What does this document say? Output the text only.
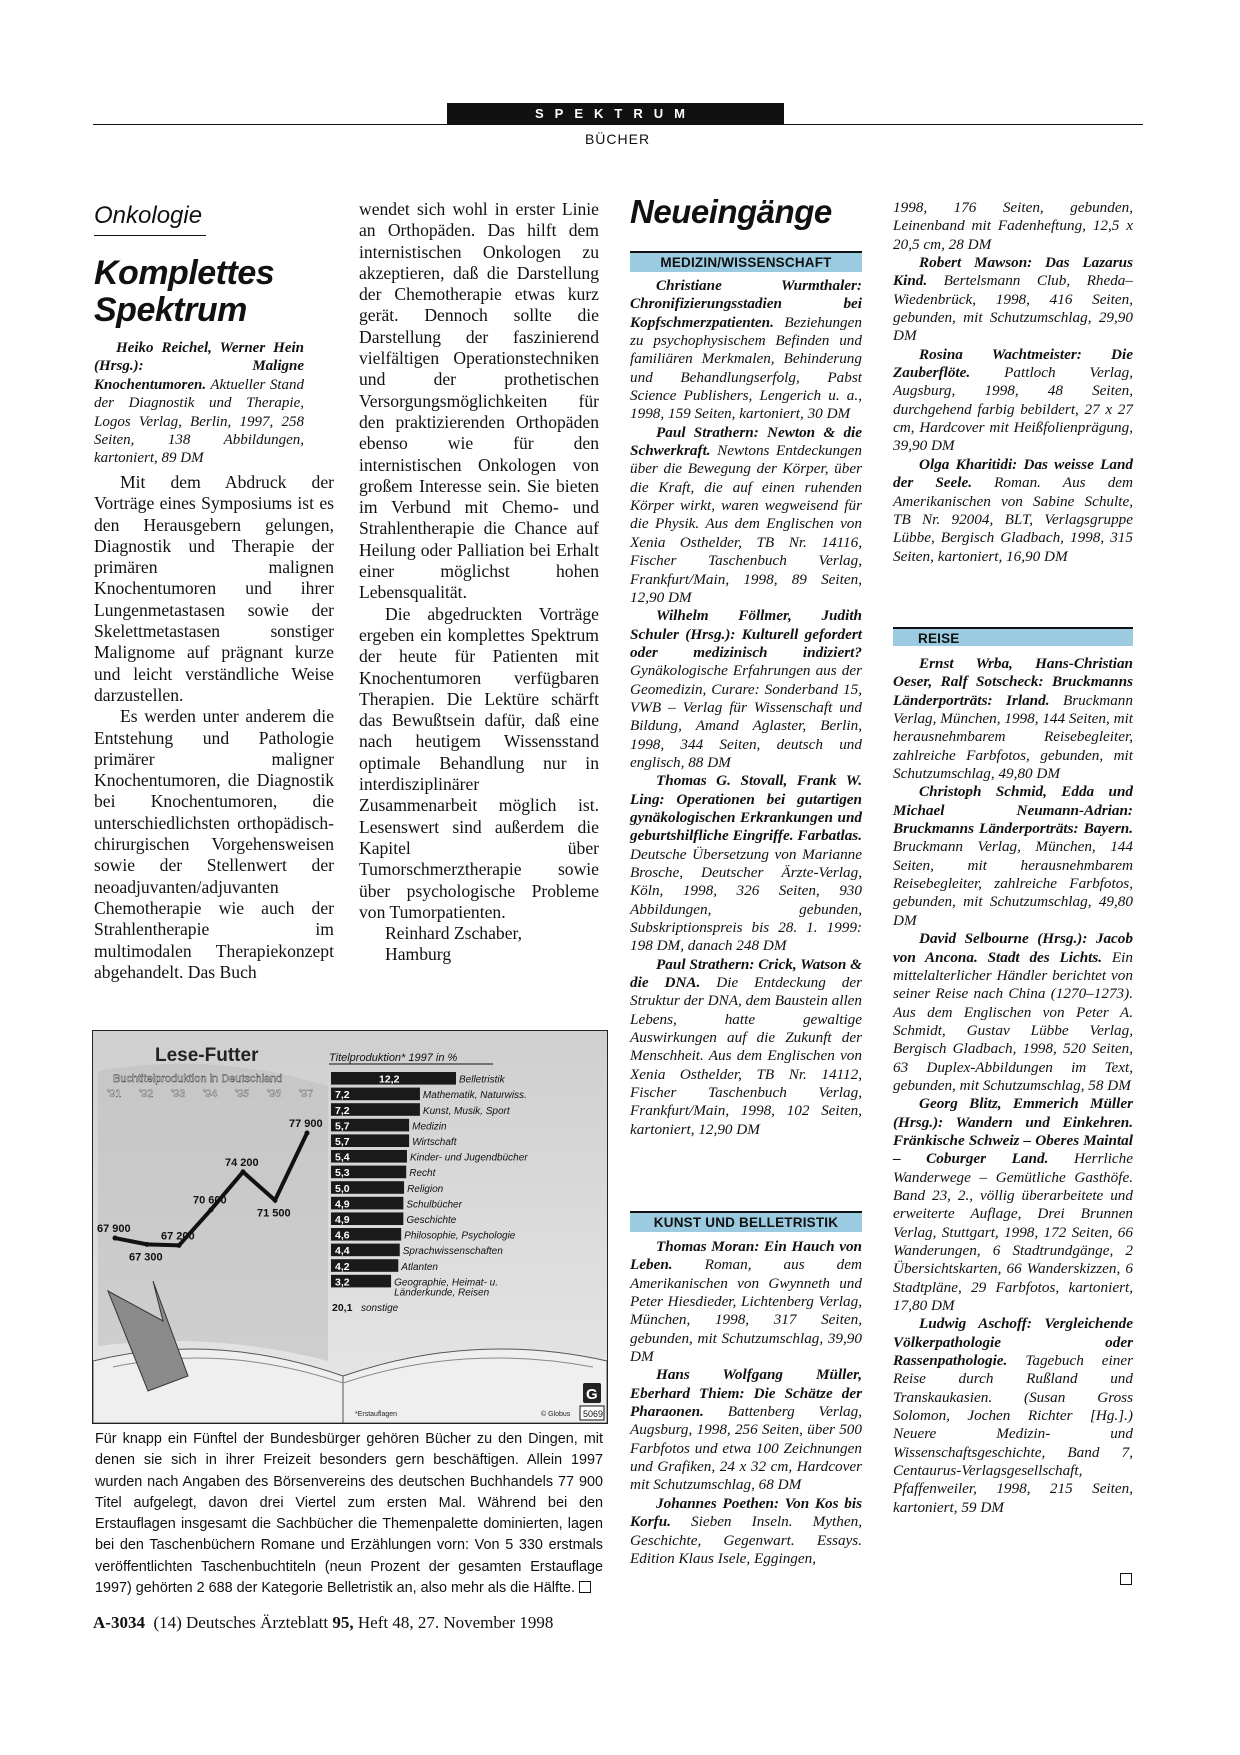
SPEKTRUM
BÜCHER
Onkologie
Komplettes
Spektrum
Heiko Reichel, Werner Hein (Hrsg.): Maligne Knochentumoren. Aktueller Stand der Diagnostik und Therapie, Logos Verlag, Berlin, 1997, 258 Seiten, 138 Abbildungen, kartoniert, 89 DM

Mit dem Abdruck der Vorträge eines Symposiums ist es den Herausgebern gelungen, Diagnostik und Therapie der primären malignen Knochentumoren und ihrer Lungenmetastasen sowie der Skelettmetastasen sonstiger Malignome auf prägnant kurze und leicht verständliche Weise darzustellen.

Es werden unter anderem die Entstehung und Pathologie primärer maligner Knochentumoren, die Diagnostik bei Knochentumoren, die unterschiedlichsten orthopädisch-chirurgischen Vorgehensweisen sowie der Stellenwert der neoadjuvanten/adjuvanten Chemotherapie wie auch der Strahlentherapie im multimodalen Therapiekonzept abgehandelt. Das Buch

wendet sich wohl in erster Linie an Orthopäden. Das hilft dem internistischen Onkologen zu akzeptieren, daß die Darstellung der Chemotherapie etwas kurz gerät. Dennoch sollte die Darstellung der faszinierend vielfältigen Operationstechniken und der prothetischen Versorgungsmöglichkeiten für den praktizierenden Orthopäden ebenso wie für den internistischen Onkologen von großem Interesse sein. Sie bieten im Verbund mit Chemo- und Strahlentherapie die Chance auf Heilung oder Palliation bei Erhalt einer möglichst hohen Lebensqualität.

Die abgedruckten Vorträge ergeben ein komplettes Spektrum der heute für Patienten mit Knochentumoren verfügbaren Therapien. Die Lektüre schärft das Bewußtsein dafür, daß eine nach heutigem Wissensstand optimale Behandlung nur in interdisziplinärer Zusammenarbeit möglich ist. Lesenswert sind außerdem die Kapitel über Tumorschmerztherapie sowie über psychologische Probleme von Tumorpatienten.

Reinhard Zschaber,

Hamburg

Neueingänge
MEDIZIN/WISSENSCHAFT

Christiane Wurmthaler: Chronifizierungsstadien bei Kopfschmerzpatienten. Beziehungen zu psychophysischem Befinden und familiären Merkmalen, Behinderung und Behandlungserfolg, Pabst Science Publishers, Lengerich u. a., 1998, 159 Seiten, kartoniert, 30 DM

Paul Strathern: Newton & die Schwerkraft. Newtons Entdeckungen über die Bewegung der Körper, über die Kraft, die auf einen ruhenden Körper wirkt, waren wegweisend für die Physik. Aus dem Englischen von Xenia Osthelder, TB Nr. 14116, Fischer Taschenbuch Verlag, Frankfurt/Main, 1998, 89 Seiten, 12,90 DM

Wilhelm Föllmer, Judith Schuler (Hrsg.): Kulturell gefordert oder medizinisch indiziert? Gynäkologische Erfahrungen aus der Geomedizin, Curare: Sonderband 15, VWB – Verlag für Wissenschaft und Bildung, Amand Aglaster, Berlin, 1998, 344 Seiten, deutsch und englisch, 88 DM

Thomas G. Stovall, Frank W. Ling: Operationen bei gutartigen gynäkologischen Erkrankungen und geburtshilfliche Eingriffe. Farbatlas. Deutsche Übersetzung von Marianne Brosche, Deutscher Ärzte-Verlag, Köln, 1998, 326 Seiten, 930 Abbildungen, gebunden, Subskriptionspreis bis 28. 1. 1999: 198 DM, danach 248 DM

Paul Strathern: Crick, Watson & die DNA. Die Entdeckung der Struktur der DNA, dem Baustein allen Lebens, hatte gewaltige Auswirkungen auf die Zukunft der Menschheit. Aus dem Englischen von Xenia Osthelder, TB Nr. 14112, Fischer Taschenbuch Verlag, Frankfurt/Main, 1998, 102 Seiten, kartoniert, 12,90 DM

KUNST UND BELLETRISTIK

Thomas Moran: Ein Hauch von Leben. Roman, aus dem Amerikanischen von Gwynneth und Peter Hiesdieder, Lichtenberg Verlag, München, 1998, 317 Seiten, gebunden, mit Schutzumschlag, 39,90 DM

Hans Wolfgang Müller, Eberhard Thiem: Die Schätze der Pharaonen. Battenberg Verlag, Augsburg, 1998, 256 Seiten, über 500 Farbfotos und etwa 100 Zeichnungen und Grafiken, 24 x 32 cm, Hardcover mit Schutzumschlag, 68 DM

Johannes Poethen: Von Kos bis Korfu. Sieben Inseln. Mythen, Geschichte, Gegenwart. Essays. Edition Klaus Isele, Eggingen,

1998, 176 Seiten, gebunden, Leinenband mit Fadenheftung, 12,5 x 20,5 cm, 28 DM

Robert Mawson: Das Lazarus Kind. Bertelsmann Club, Rheda–Wiedenbrück, 1998, 416 Seiten, gebunden, mit Schutzumschlag, 29,90 DM

Rosina Wachtmeister: Die Zauberflöte. Pattloch Verlag, Augsburg, 1998, 48 Seiten, durchgehend farbig bebildert, 27 x 27 cm, Hardcover mit Heißfolienprägung, 39,90 DM

Olga Kharitidi: Das weisse Land der Seele. Roman. Aus dem Amerikanischen von Sabine Schulte, TB Nr. 92004, BLT, Verlagsgruppe Lübbe, Bergisch Gladbach, 1998, 315 Seiten, kartoniert, 16,90 DM

REISE

Ernst Wrba, Hans-Christian Oeser, Ralf Sotscheck: Bruckmanns Länderporträts: Irland. Bruckmann Verlag, München, 1998, 144 Seiten, mit herausnehmbarem Reisebegleiter, zahlreiche Farbfotos, gebunden, mit Schutzumschlag, 49,80 DM

Christoph Schmid, Edda und Michael Neumann-Adrian: Bruckmanns Länderporträts: Bayern. Bruckmann Verlag, München, 144 Seiten, mit herausnehmbarem Reisebegleiter, zahlreiche Farbfotos, gebunden, mit Schutzumschlag, 49,80 DM

David Selbourne (Hrsg.): Jacob von Ancona. Stadt des Lichts. Ein mittelalterlicher Händler berichtet von seiner Reise nach China (1270–1273). Aus dem Englischen von Peter A. Schmidt, Gustav Lübbe Verlag, Bergisch Gladbach, 1998, 520 Seiten, 63 Duplex-Abbildungen im Text, gebunden, mit Schutzumschlag, 58 DM

Georg Blitz, Emmerich Müller (Hrsg.): Wandern und Einkehren. Fränkische Schweiz – Oberes Maintal – Coburger Land. Herrliche Wanderwege – Gemütliche Gasthöfe. Band 23, 2., völlig überarbeitete und erweiterte Auflage, Drei Brunnen Verlag, Stuttgart, 1998, 172 Seiten, 66 Wanderungen, 6 Stadtrundgänge, 2 Übersichtskarten, 66 Wanderskizzen, 6 Stadtpläne, 29 Farbfotos, kartoniert, 17,80 DM

Ludwig Aschoff: Vergleichende Völkerpathologie oder Rassenpathologie. Tagebuch einer Reise durch Rußland und Transkaukasien. (Susan Gross Solomon, Jochen Richter [Hg.].) Neuere Medizin- und Wissenschaftsgeschichte, Band 7, Centaurus-Verlagsgesellschaft, Pfaffenweiler, 1998, 215 Seiten, kartoniert, 59 DM

Lese-Futter
Buchtitelproduktion in Deutschland
Titelproduktion* 1997 in %
'91 '92 '93 '94 '95 '96 '97
67 900
67 300
67 200
70 600
74 200
71 500
77 900
12,2	Belletristik
7,2	Mathematik, Naturwiss.
7,2	Kunst, Musik, Sport
5,7	Medizin
5,7	Wirtschaft
5,4	Kinder- und Jugendbücher
5,3	Recht
5,0	Religion
4,9	Schulbücher
4,9	Geschichte
4,6	Philosophie, Psychologie
4,4	Sprachwissenschaften
4,2	Atlanten
3,2	Geographie, Heimat- u.
Länderkunde, Reisen
20,1 sonstige
*Erstauflagen	© Globus 5069
G
Für knapp ein Fünftel der Bundesbürger gehören Bücher zu den Dingen, mit denen sie sich in ihrer Freizeit besonders gern beschäftigen. Allein 1997 wurden nach Angaben des Börsenvereins des deutschen Buchhandels 77 900 Titel aufgelegt, davon drei Viertel zum ersten Mal. Während bei den Erstauflagen insgesamt die Sachbücher die Themenpalette dominierten, lagen bei den Taschenbüchern Romane und Erzählungen vorn: Von 5 330 erstmals veröffentlichten Taschenbuchtiteln (neun Prozent der gesamten Erstauflage 1997) gehörten 2 688 der Kategorie Belletristik an, also mehr als die Hälfte.
A-3034 (14) Deutsches Ärzteblatt 95, Heft 48, 27. November 1998
